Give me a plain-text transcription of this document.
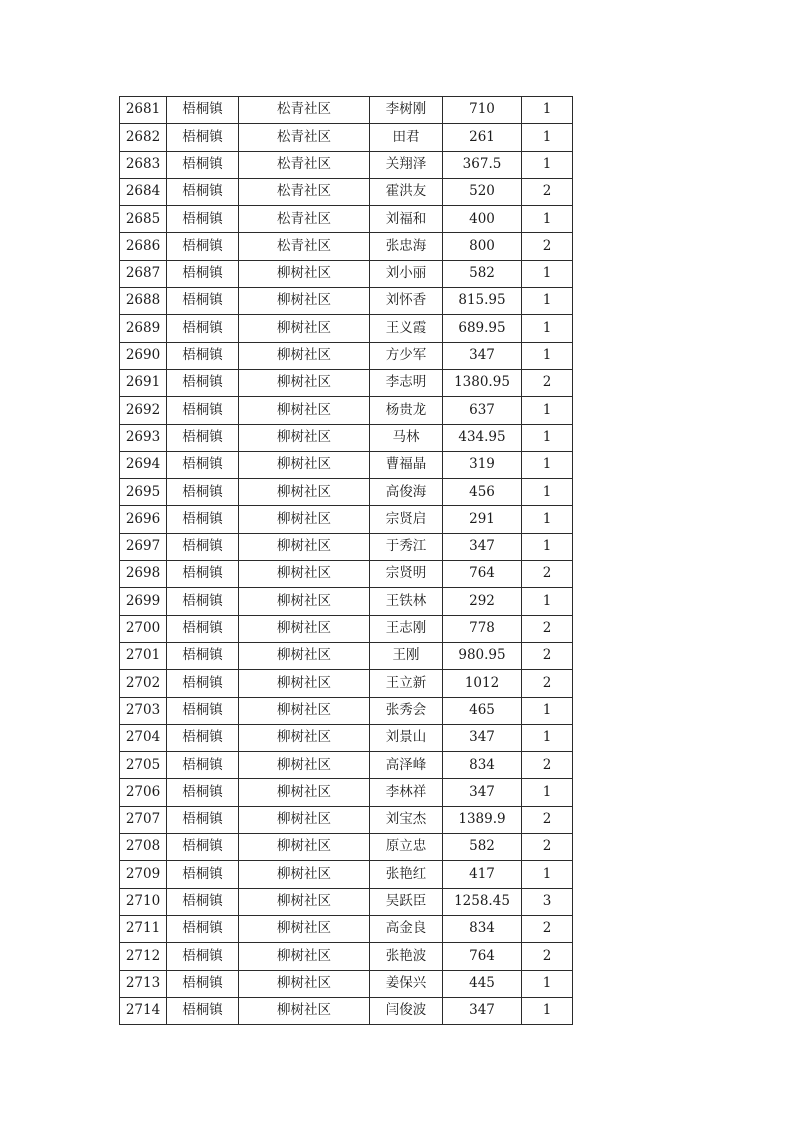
2681	梧桐镇	松青社区	李树刚	710	1
2682	梧桐镇	松青社区	田君	261	1
2683	梧桐镇	松青社区	关翔泽	367.5	1
2684	梧桐镇	松青社区	霍洪友	520	2
2685	梧桐镇	松青社区	刘福和	400	1
2686	梧桐镇	松青社区	张忠海	800	2
2687	梧桐镇	柳树社区	刘小丽	582	1
2688	梧桐镇	柳树社区	刘怀香	815.95	1
2689	梧桐镇	柳树社区	王义霞	689.95	1
2690	梧桐镇	柳树社区	方少军	347	1
2691	梧桐镇	柳树社区	李志明	1380.95	2
2692	梧桐镇	柳树社区	杨贵龙	637	1
2693	梧桐镇	柳树社区	马林	434.95	1
2694	梧桐镇	柳树社区	曹福晶	319	1
2695	梧桐镇	柳树社区	高俊海	456	1
2696	梧桐镇	柳树社区	宗贤启	291	1
2697	梧桐镇	柳树社区	于秀江	347	1
2698	梧桐镇	柳树社区	宗贤明	764	2
2699	梧桐镇	柳树社区	王铁林	292	1
2700	梧桐镇	柳树社区	王志刚	778	2
2701	梧桐镇	柳树社区	王刚	980.95	2
2702	梧桐镇	柳树社区	王立新	1012	2
2703	梧桐镇	柳树社区	张秀会	465	1
2704	梧桐镇	柳树社区	刘景山	347	1
2705	梧桐镇	柳树社区	高泽峰	834	2
2706	梧桐镇	柳树社区	李林祥	347	1
2707	梧桐镇	柳树社区	刘宝杰	1389.9	2
2708	梧桐镇	柳树社区	原立忠	582	2
2709	梧桐镇	柳树社区	张艳红	417	1
2710	梧桐镇	柳树社区	吴跃臣	1258.45	3
2711	梧桐镇	柳树社区	高金良	834	2
2712	梧桐镇	柳树社区	张艳波	764	2
2713	梧桐镇	柳树社区	姜保兴	445	1
2714	梧桐镇	柳树社区	闫俊波	347	1
